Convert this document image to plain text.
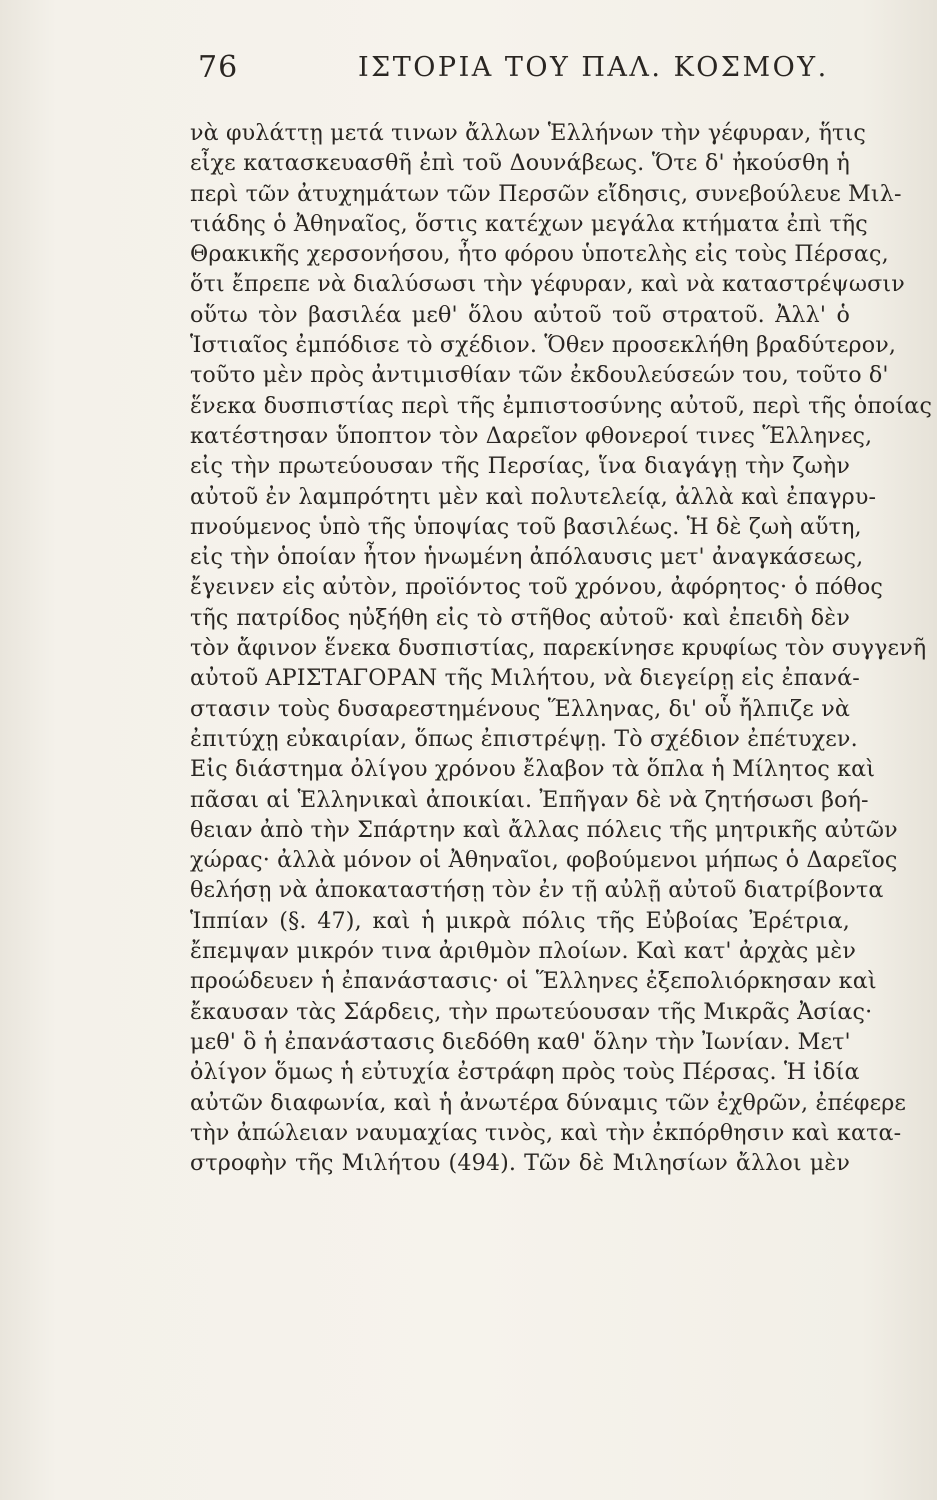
76	ΙΣΤΟΡΙΑ ΤΟΥ ΠΑΛ. ΚΟΣΜΟΥ.
νὰ φυλάττῃ μετά τινων ἄλλων Ἑλλήνων τὴν γέφυραν, ἥτις
εἶχε κατασκευασθῆ ἐπὶ τοῦ Δουνάβεως. Ὅτε δ' ἠκούσθη ἡ
περὶ τῶν ἀτυχημάτων τῶν Περσῶν εἴδησις, συνεβούλευε Μιλ-
τιάδης ὁ Ἀθηναῖος, ὅστις κατέχων μεγάλα κτήματα ἐπὶ τῆς
Θρακικῆς χερσονήσου, ἦτο φόρου ὑποτελὴς εἰς τοὺς Πέρσας,
ὅτι ἔπρεπε νὰ διαλύσωσι τὴν γέφυραν, καὶ νὰ καταστρέψωσιν
οὕτω τὸν βασιλέα μεθ' ὅλου αὐτοῦ τοῦ στρατοῦ. Ἀλλ' ὁ
Ἱστιαῖος ἐμπόδισε τὸ σχέδιον. Ὅθεν προσεκλήθη βραδύτερον,
τοῦτο μὲν πρὸς ἀντιμισθίαν τῶν ἐκδουλεύσεών του, τοῦτο δ'
ἕνεκα δυσπιστίας περὶ τῆς ἐμπιστοσύνης αὐτοῦ, περὶ τῆς ὁποίας
κατέστησαν ὕποπτον τὸν Δαρεῖον φθονεροί τινες Ἕλληνες,
εἰς τὴν πρωτεύουσαν τῆς Περσίας, ἵνα διαγάγῃ τὴν ζωὴν
αὐτοῦ ἐν λαμπρότητι μὲν καὶ πολυτελείᾳ, ἀλλὰ καὶ ἐπαγρυ-
πνούμενος ὑπὸ τῆς ὑποψίας τοῦ βασιλέως. Ἡ δὲ ζωὴ αὕτη,
εἰς τὴν ὁποίαν ἦτον ἡνωμένη ἀπόλαυσις μετ' ἀναγκάσεως,
ἔγεινεν εἰς αὐτὸν, προϊόντος τοῦ χρόνου, ἀφόρητος· ὁ πόθος
τῆς πατρίδος ηὐξήθη εἰς τὸ στῆθος αὐτοῦ· καὶ ἐπειδὴ δὲν
τὸν ἄφινον ἕνεκα δυσπιστίας, παρεκίνησε κρυφίως τὸν συγγενῆ
αὐτοῦ ΑΡΙΣΤΑΓΟΡΑΝ τῆς Μιλήτου, νὰ διεγείρῃ εἰς ἐπανά-
στασιν τοὺς δυσαρεστημένους Ἕλληνας, δι' οὗ ἤλπιζε νὰ
ἐπιτύχῃ εὐκαιρίαν, ὅπως ἐπιστρέψῃ. Τὸ σχέδιον ἐπέτυχεν.
Εἰς διάστημα ὀλίγου χρόνου ἔλαβον τὰ ὅπλα ἡ Μίλητος καὶ
πᾶσαι αἱ Ἑλληνικαὶ ἀποικίαι. Ἐπῆγαν δὲ νὰ ζητήσωσι βοή-
θειαν ἀπὸ τὴν Σπάρτην καὶ ἄλλας πόλεις τῆς μητρικῆς αὐτῶν
χώρας· ἀλλὰ μόνον οἱ Ἀθηναῖοι, φοβούμενοι μήπως ὁ Δαρεῖος
θελήσῃ νὰ ἀποκαταστήσῃ τὸν ἐν τῇ αὐλῇ αὐτοῦ διατρίβοντα
Ἱππίαν (§. 47), καὶ ἡ μικρὰ πόλις τῆς Εὐβοίας Ἐρέτρια,
ἔπεμψαν μικρόν τινα ἀριθμὸν πλοίων. Καὶ κατ' ἀρχὰς μὲν
προώδευεν ἡ ἐπανάστασις· οἱ Ἕλληνες ἐξεπολιόρκησαν καὶ
ἔκαυσαν τὰς Σάρδεις, τὴν πρωτεύουσαν τῆς Μικρᾶς Ἀσίας·
μεθ' ὃ ἡ ἐπανάστασις διεδόθη καθ' ὅλην τὴν Ἰωνίαν. Μετ'
ὀλίγον ὅμως ἡ εὐτυχία ἐστράφη πρὸς τοὺς Πέρσας. Ἡ ἰδία
αὐτῶν διαφωνία, καὶ ἡ ἀνωτέρα δύναμις τῶν ἐχθρῶν, ἐπέφερε
τὴν ἀπώλειαν ναυμαχίας τινὸς, καὶ τὴν ἐκπόρθησιν καὶ κατα-
στροφὴν τῆς Μιλήτου (494). Τῶν δὲ Μιλησίων ἄλλοι μὲν
